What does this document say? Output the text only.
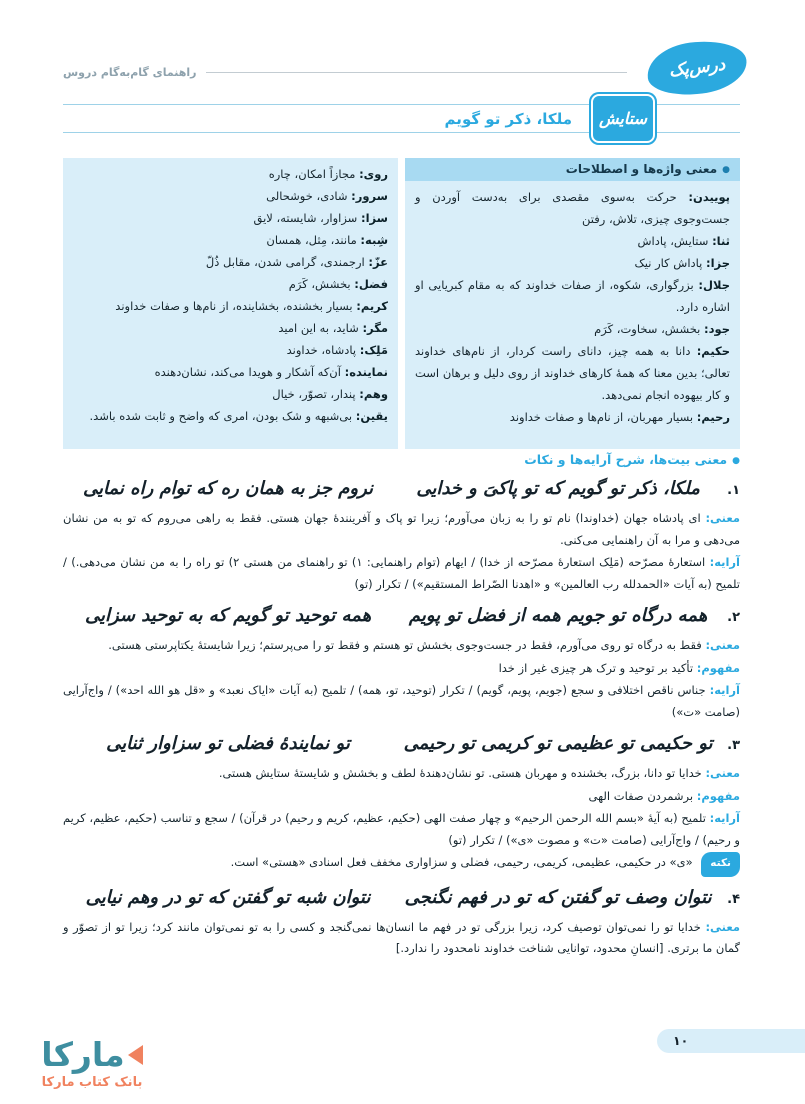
درس‌پک
راهنمای گام‌به‌گام دروس
ستایش
ملکا، ذکر تو گویم
●معنی واژه‌ها و اصطلاحات
پوییدن: حرکت به‌سوی مقصدی برای به‌دست آوردن و جست‌وجوی چیزی، تلاش، رفتن
ثنا: ستایش، پاداش
جزا: پاداش کار نیک
جلال: بزرگواری، شکوه، از صفات خداوند که به مقام کبریایی او اشاره دارد.
جود: بخشش، سخاوت، کَرَم
حکیم: دانا به همه چیز، دانای راست کردار، از نام‌های خداوند تعالی؛ بدین معنا که همهٔ کارهای خداوند از روی دلیل و برهان است و کار بیهوده انجام نمی‌دهد.
رحیم: بسیار مهربان، از نام‌ها و صفات خداوند
روی: مجازاً امکان، چاره
سرور: شادی، خوشحالی
سزا: سزاوار، شایسته، لایق
شِبه: مانند، مِثل، همسان
عزّ: ارجمندی، گرامی شدن، مقابل ذُلّ
فضل: بخشش، کَرَم
کریم: بسیار بخشنده، بخشاینده، از نام‌ها و صفات خداوند
مگر: شاید، به این امید
مَلِک: پادشاه، خداوند
نماینده: آن‌که آشکار و هویدا می‌کند، نشان‌دهنده
وهم: پندار، تصوّر، خیال
یقین: بی‌شبهه و شک بودن، امری که واضح و ثابت شده باشد.
●معنی بیت‌ها، شرح آرایه‌ها و نکات
۱.
ملکا، ذکر تو گویم که تو پاکیَ و خدایی
نروم جز به همان ره که توام راه نمایی
معنی: ای پادشاه جهان (خداوندا) نام تو را به زبان می‌آورم؛ زیرا تو پاک و آفرینندهٔ جهان هستی. فقط به راهی می‌روم که تو به من نشان می‌دهی و مرا به آن راهنمایی می‌کنی.
آرایه: استعارهٔ مصرّحه (مَلِک استعارهٔ مصرّحه از خدا) / ایهام (توام راهنمایی: ۱) تو راهنمای من هستی ۲) تو راه را به من نشان می‌دهی.) / تلمیح (به آیات «الحمدلله رب العالمین» و «اهدنا الصّراط المستقیم») / تکرار (تو)
۲.
همه درگاه تو جویم همه از فضل تو پویم
همه توحید تو گویم که به توحید سزایی
معنی: فقط به درگاه تو روی می‌آورم، فقط در جست‌وجوی بخشش تو هستم و فقط تو را می‌پرستم؛ زیرا شایستهٔ یکتاپرستی هستی.
مفهوم: تأکید بر توحید و ترک هر چیزی غیر از خدا
آرایه: جناس ناقص اختلافی و سجع (جویم، پویم، گویم) / تکرار (توحید، تو، همه) / تلمیح (به آیات «ایاک نعبد» و «قل هو الله احد») / واج‌آرایی (صامت «ت»)
۳.
تو حکیمی تو عظیمی تو کریمی تو رحیمی
تو نمایندهٔ فضلی تو سزاوار ثنایی
معنی: خدایا تو دانا، بزرگ، بخشنده و مهربان هستی. تو نشان‌دهندهٔ لطف و بخشش و شایستهٔ ستایش هستی.
مفهوم: برشمردن صفات الهی
آرایه: تلمیح (به آیهٔ «بسم الله الرحمن الرحیم» و چهار صفت الهی (حکیم، عظیم، کریم و رحیم) در قرآن) / سجع و تناسب (حکیم، عظیم، کریم و رحیم) / واج‌آرایی (صامت «ت» و مصوت «ی») / تکرار (تو)
نکته «ی» در حکیمی، عظیمی، کریمی، رحیمی، فضلی و سزاواری مخفف فعل اسنادی «هستی» است.
۴.
نتوان وصف تو گفتن که تو در فهم نگنجی
نتوان شبه تو گفتن که تو در وهم نیایی
معنی: خدایا تو را نمی‌توان توصیف کرد، زیرا بزرگی تو در فهم ما انسان‌ها نمی‌گنجد و کسی را به تو نمی‌توان مانند کرد؛ زیرا تو از تصوّر و گمان ما برتری. [انسانِ محدود، توانایی شناخت خداوند نامحدود را ندارد.]
۱۰
مارکا
بانک کتاب مارکا
